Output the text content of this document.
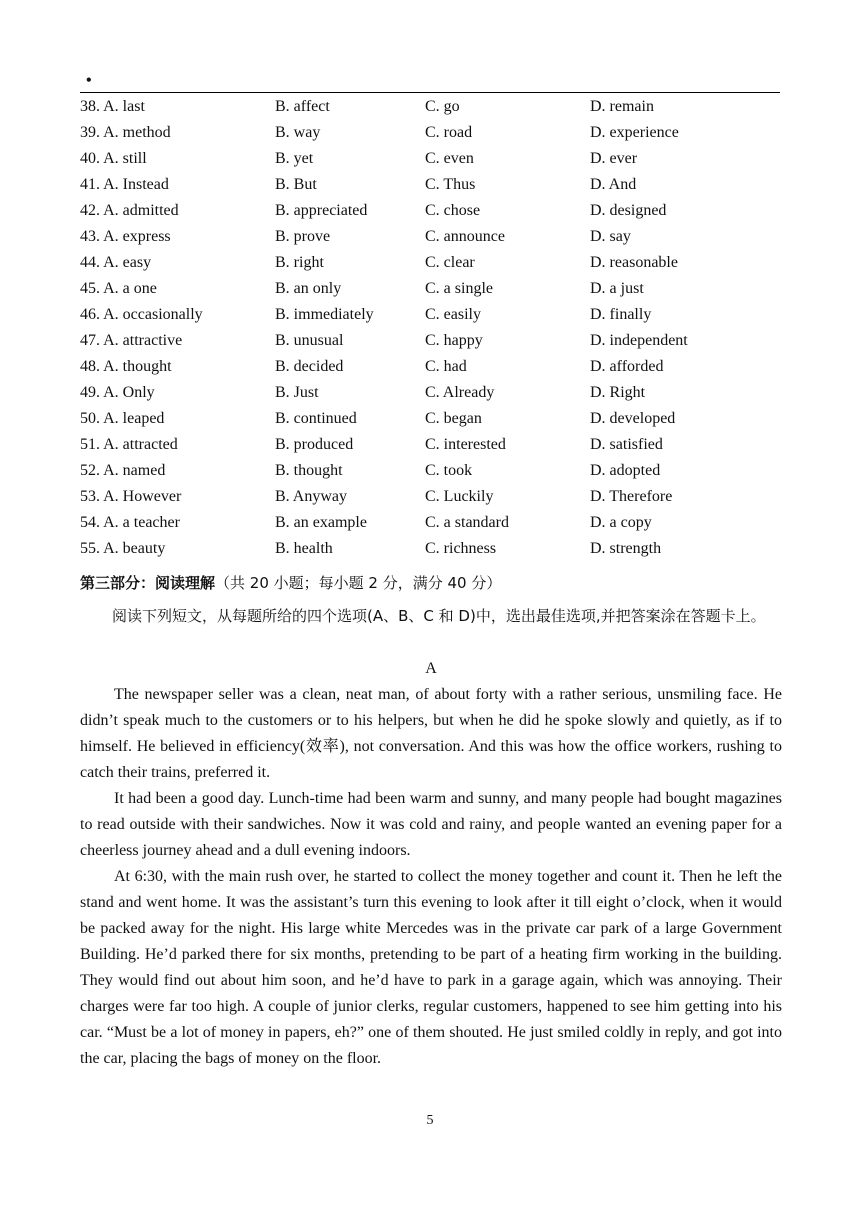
•
38. A. last	B. affect	C. go	D. remain
39. A. method	B. way	C. road	D. experience
40. A. still	B. yet	C. even	D. ever
41. A. Instead	B. But	C. Thus	D. And
42. A. admitted	B. appreciated	C. chose	D. designed
43. A. express	B. prove	C. announce	D. say
44. A. easy	B. right	C. clear	D. reasonable
45. A. a one	B. an only	C. a single	D. a just
46. A. occasionally	B. immediately	C. easily	D. finally
47. A. attractive	B. unusual	C. happy	D. independent
48. A. thought	B. decided	C. had	D. afforded
49. A. Only	B. Just	C. Already	D. Right
50. A. leaped	B. continued	C. began	D. developed
51. A. attracted	B. produced	C. interested	D. satisfied
52. A. named	B. thought	C. took	D. adopted
53. A. However	B. Anyway	C. Luckily	D. Therefore
54. A. a teacher	B. an example	C. a standard	D. a copy
55. A. beauty	B. health	C. richness	D. strength
第三部分：阅读理解（共 20 小题；每小题 2 分，满分 40 分）

阅读下列短文，从每题所给的四个选项(A、B、C 和 D)中，选出最佳选项,并把答案涂在答题卡上。

A

The newspaper seller was a clean, neat man, of about forty with a rather serious, unsmiling face. He didn’t speak much to the customers or to his helpers, but when he did he spoke slowly and quietly, as if to himself. He believed in efficiency(效率), not conversation. And this was how the office workers, rushing to catch their trains, preferred it.

It had been a good day. Lunch-time had been warm and sunny, and many people had bought magazines to read outside with their sandwiches. Now it was cold and rainy, and people wanted an evening paper for a cheerless journey ahead and a dull evening indoors.

At 6:30, with the main rush over, he started to collect the money together and count it. Then he left the stand and went home. It was the assistant’s turn this evening to look after it till eight o’clock, when it would be packed away for the night. His large white Mercedes was in the private car park of a large Government Building. He’d parked there for six months, pretending to be part of a heating firm working in the building. They would find out about him soon, and he’d have to park in a garage again, which was annoying. Their charges were far too high. A couple of junior clerks, regular customers, happened to see him getting into his car. “Must be a lot of money in papers, eh?” one of them shouted. He just smiled coldly in reply, and got into the car, placing the bags of money on the floor.

5
